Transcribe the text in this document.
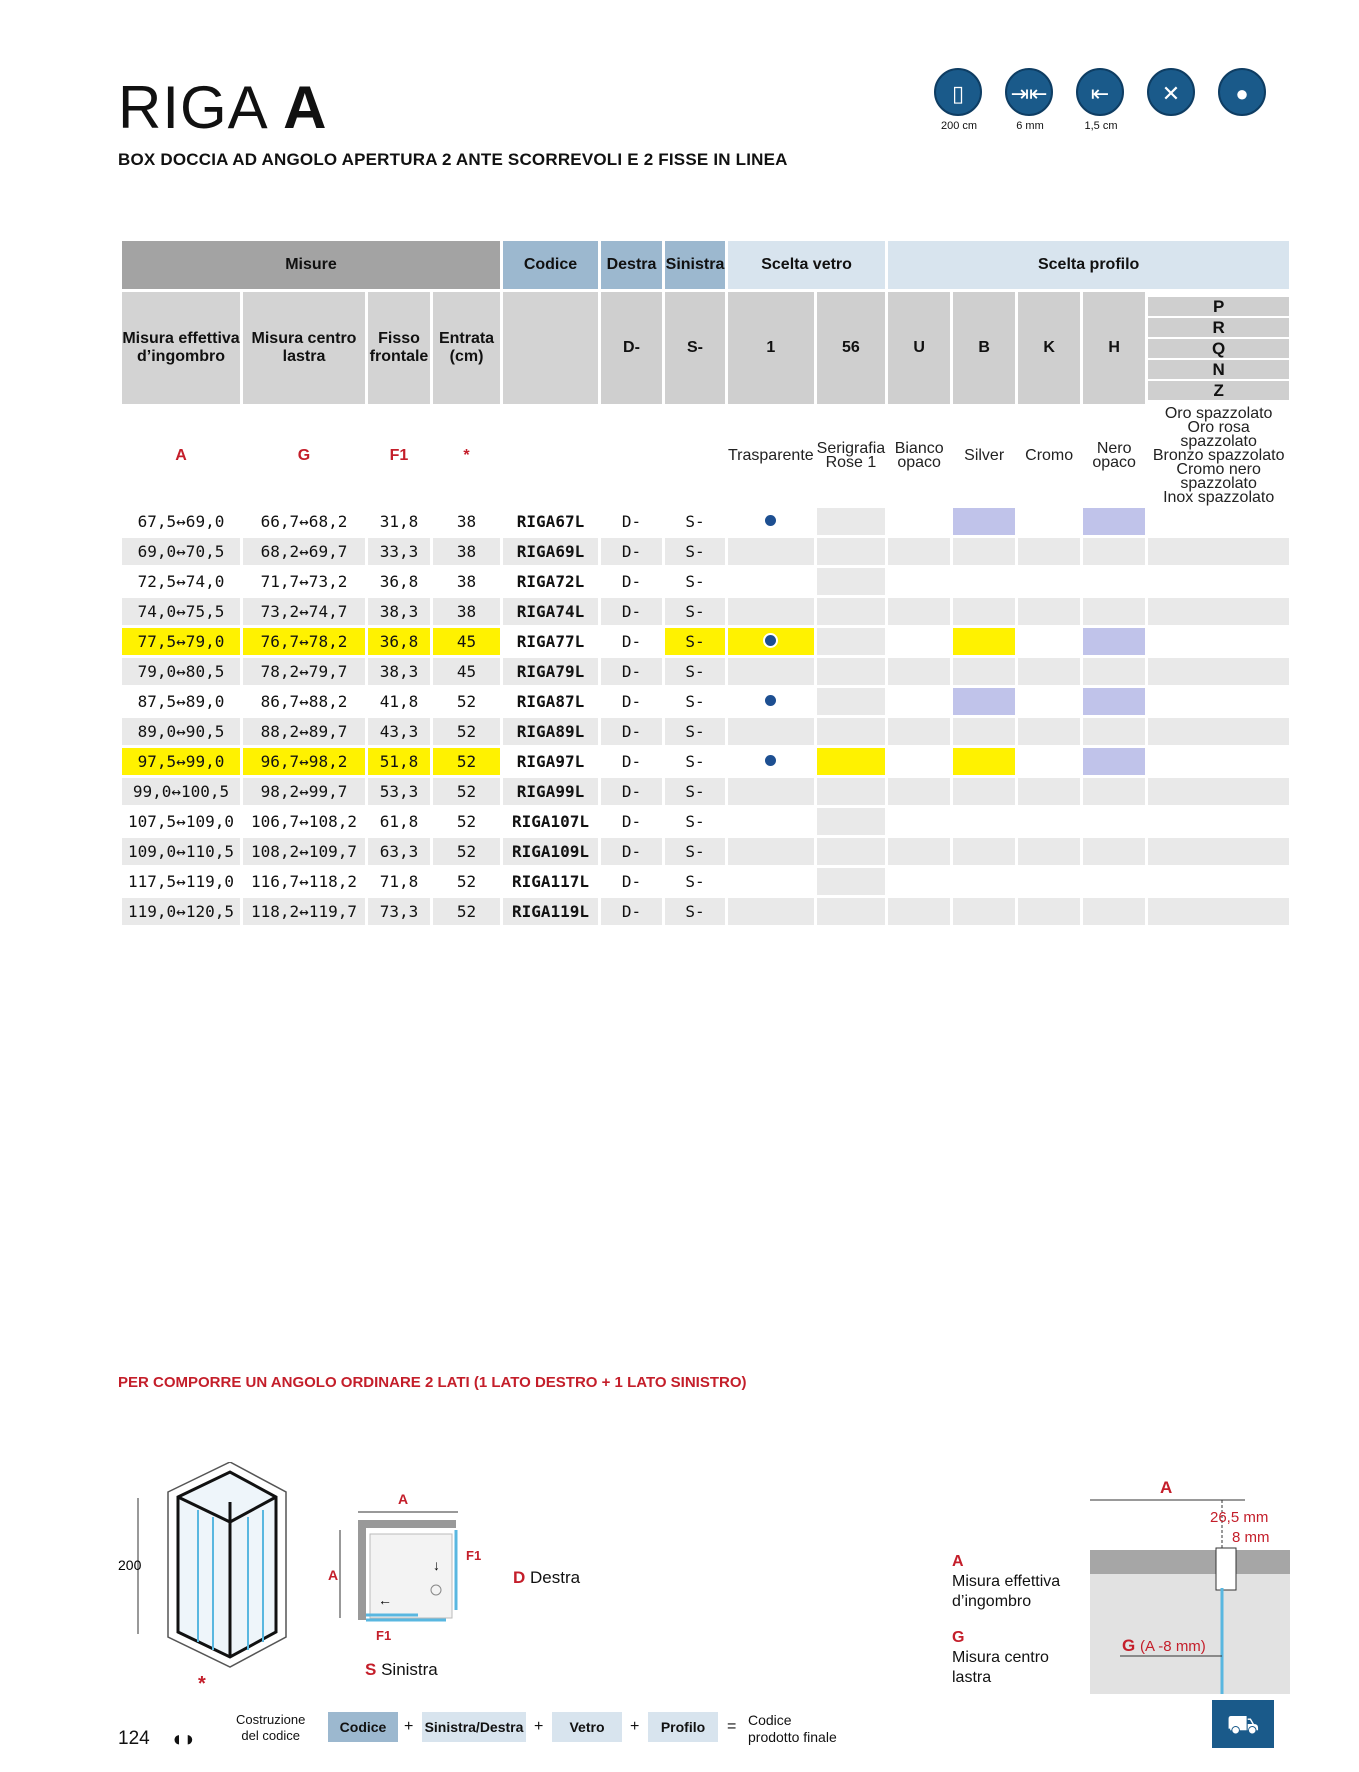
RIGA A
BOX DOCCIA AD ANGOLO APERTURA 2 ANTE SCORREVOLI E 2 FISSE IN LINEA
▯
200 cm
⇥⇤
6 mm
⇤
1,5 cm
✕	●
Misure				Codice	Destra	Sinistra	Scelta vetro		Scelta profilo				
Misura effettiva d’ingombro	Misura centro lastra	Fisso frontale	Entrata (cm)		D-	S-	1	56	U	B	K	H	P
R
Q
N
Z

A	G	F1	*				Trasparente	Serigrafia Rose 1	Bianco opaco	Silver	Cromo	Nero opaco	Oro spazzolato
Oro rosa spazzolato
Bronzo spazzolato
Cromo nero spazzolato
Inox spazzolato

67,5↔69,0	66,7↔68,2	31,8	38	RIGA67L	D-	S-							
69,0↔70,5	68,2↔69,7	33,3	38	RIGA69L	D-	S-							
72,5↔74,0	71,7↔73,2	36,8	38	RIGA72L	D-	S-							
74,0↔75,5	73,2↔74,7	38,3	38	RIGA74L	D-	S-							
77,5↔79,0	76,7↔78,2	36,8	45	RIGA77L	D-	S-							
79,0↔80,5	78,2↔79,7	38,3	45	RIGA79L	D-	S-							
87,5↔89,0	86,7↔88,2	41,8	52	RIGA87L	D-	S-							
89,0↔90,5	88,2↔89,7	43,3	52	RIGA89L	D-	S-							
97,5↔99,0	96,7↔98,2	51,8	52	RIGA97L	D-	S-							
99,0↔100,5	98,2↔99,7	53,3	52	RIGA99L	D-	S-							
107,5↔109,0	106,7↔108,2	61,8	52	RIGA107L	D-	S-							
109,0↔110,5	108,2↔109,7	63,3	52	RIGA109L	D-	S-							
117,5↔119,0	116,7↔118,2	71,8	52	RIGA117L	D-	S-							
119,0↔120,5	118,2↔119,7	73,3	52	RIGA119L	D-	S-							
PER COMPORRE UN ANGOLO ORDINARE 2 LATI (1 LATO DESTRO + 1 LATO SINISTRO)
200
*
A
←
↓
A
F1
F1
D Destra
S Sinistra
A
26,5 mm
8 mm
G (A -8 mm)
A
Misura effettiva
d’ingombro
G
Misura centro
lastra
124 ◖◗
Costruzione
del codice
Codice	+ Sinistra/Destra +	Vetro	+	Profilo	= Codice
prodotto finale	⛟
